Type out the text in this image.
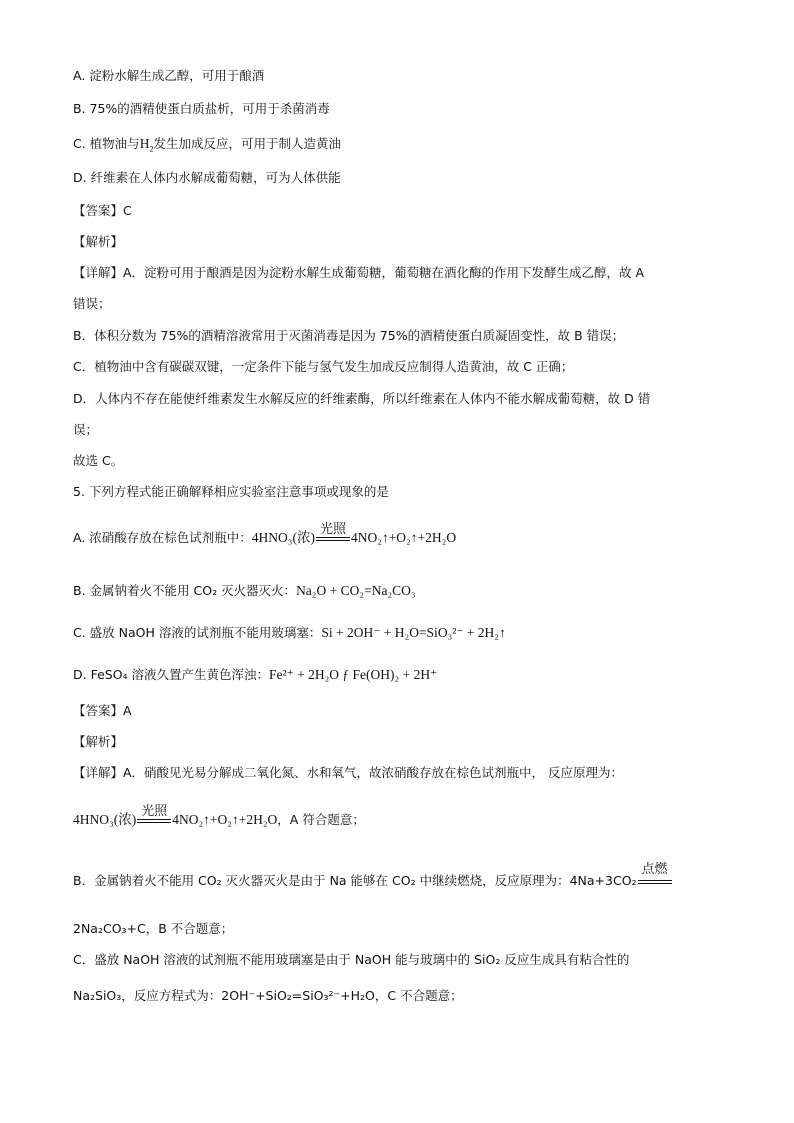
A. 淀粉水解生成乙醇，可用于酿酒
B. 75%的酒精使蛋白质盐析，可用于杀菌消毒
C. 植物油与$H_2$发生加成反应，可用于制人造黄油
D. 纤维素在人体内水解成葡萄糖，可为人体供能
【答案】C
【解析】
【详解】A．淀粉可用于酿酒是因为淀粉水解生成葡萄糖，葡萄糖在酒化酶的作用下发酵生成乙醇，故 A
错误；
B．体积分数为 75%的酒精溶液常用于灭菌消毒是因为 75%的酒精使蛋白质凝固变性，故 B 错误；
C．植物油中含有碳碳双键，一定条件下能与氢气发生加成反应制得人造黄油，故 C 正确；
D．人体内不存在能使纤维素发生水解反应的纤维素酶，所以纤维素在人体内不能水解成葡萄糖，故 D 错
误；
故选 C。
5. 下列方程式能正确解释相应实验室注意事项或现象的是
A. 浓硝酸存放在棕色试剂瓶中：4HNO₃(浓)
光照
4NO₂↑+O₂↑+2H₂O
B. 金属钠着火不能用 CO₂ 灭火器灭火：Na₂O + CO₂=Na₂CO₃
C. 盛放 NaOH 溶液的试剂瓶不能用玻璃塞：Si + 2OH⁻ + H₂O=SiO₃²⁻ + 2H₂↑
D. FeSO₄ 溶液久置产生黄色浑浊：Fe²⁺ + 2H₂O ƒ Fe(OH)₂ + 2H⁺
【答案】A
【解析】
【详解】A．硝酸见光易分解成二氧化氮、水和氧气，故浓硝酸存放在棕色试剂瓶中， 反应原理为：
4HNO₃(浓)
光照
4NO₂↑+O₂↑+2H₂O，A 符合题意；
B．金属钠着火不能用 CO₂ 灭火器灭火是由于 Na 能够在 CO₂ 中继续燃烧，反应原理为：4Na+3CO₂
点燃
2Na₂CO₃+C，B 不合题意；
C．盛放 NaOH 溶液的试剂瓶不能用玻璃塞是由于 NaOH 能与玻璃中的 SiO₂ 反应生成具有粘合性的
Na₂SiO₃，反应方程式为：2OH⁻+SiO₂=SiO₃²⁻+H₂O，C 不合题意；
